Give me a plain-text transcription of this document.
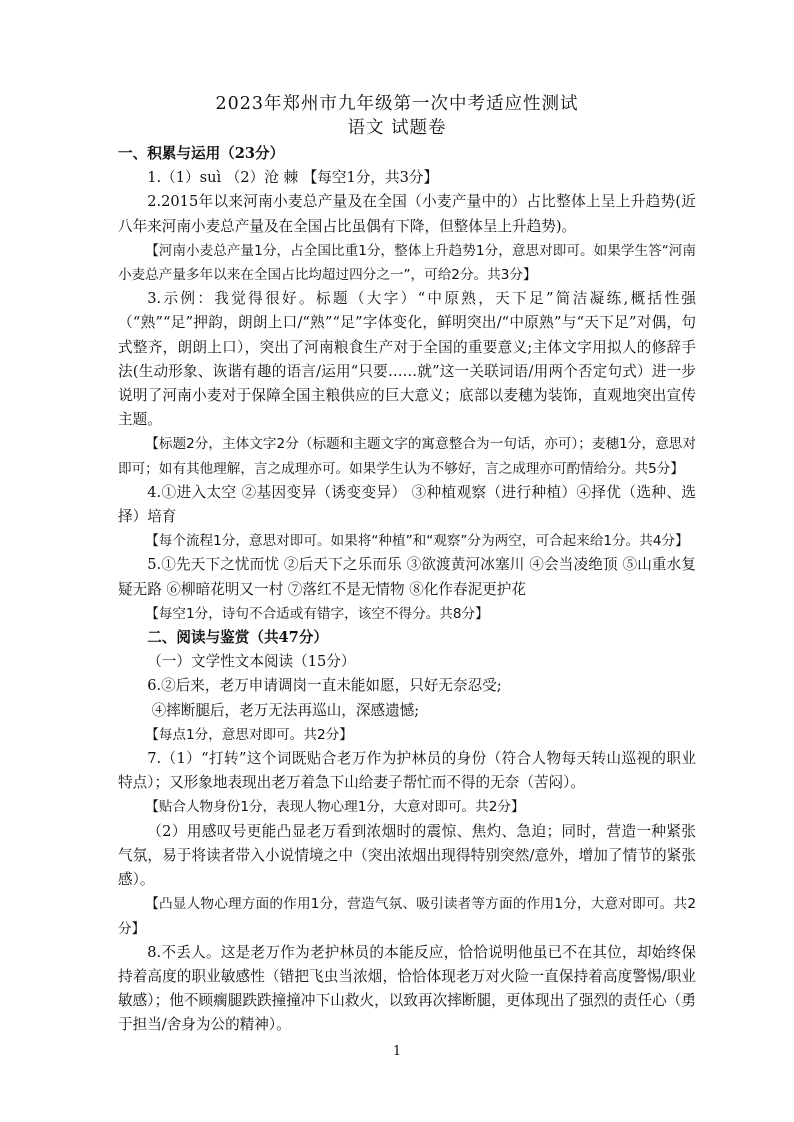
2023年郑州市九年级第一次中考适应性测试
语文 试题卷

一、积累与运用（23分）

1.（1）suì （2）沧 棘 【每空1分，共3分】

2.2015年以来河南小麦总产量及在全国（小麦产量中的）占比整体上呈上升趋势(近八年来河南小麦总产量及在全国占比虽偶有下降，但整体呈上升趋势)。

【河南小麦总产量1分，占全国比重1分，整体上升趋势1分，意思对即可。如果学生答“河南小麦总产量多年以来在全国占比均超过四分之一”，可给2分。共3分】

3.示例：我觉得很好。标题（大字）“中原熟，天下足”简洁凝练,概括性强（“熟”“足”押韵，朗朗上口/“熟”“足”字体变化，鲜明突出/“中原熟”与“天下足”对偶，句式整齐，朗朗上口），突出了河南粮食生产对于全国的重要意义;主体文字用拟人的修辞手法(生动形象、诙谐有趣的语言/运用“只要……就”这一关联词语/用两个否定句式）进一步说明了河南小麦对于保障全国主粮供应的巨大意义；底部以麦穗为装饰，直观地突出宣传主题。

【标题2分，主体文字2分（标题和主题文字的寓意整合为一句话，亦可）；麦穗1分，意思对即可；如有其他理解，言之成理亦可。如果学生认为不够好，言之成理亦可酌情给分。共5分】

4.①进入太空 ②基因变异（诱变变异） ③种植观察（进行种植）④择优（选种、选择）培育

【每个流程1分，意思对即可。如果将“种植”和“观察”分为两空，可合起来给1分。共4分】

5.①先天下之忧而忧 ②后天下之乐而乐 ③欲渡黄河冰塞川 ④会当凌绝顶 ⑤山重水复疑无路 ⑥柳暗花明又一村 ⑦落红不是无情物 ⑧化作春泥更护花

【每空1分，诗句不合适或有错字，该空不得分。共8分】

二、阅读与鉴赏（共47分）

（一）文学性文本阅读（15分）

6.②后来，老万申请调岗一直未能如愿，只好无奈忍受;

④摔断腿后，老万无法再巡山，深感遗憾;

【每点1分，意思对即可。共2分】

7.（1）“打转”这个词既贴合老万作为护林员的身份（符合人物每天转山巡视的职业特点）；又形象地表现出老万着急下山给妻子帮忙而不得的无奈（苦闷）。

【贴合人物身份1分，表现人物心理1分，大意对即可。共2分】

（2）用感叹号更能凸显老万看到浓烟时的震惊、焦灼、急迫；同时，营造一种紧张气氛，易于将读者带入小说情境之中（突出浓烟出现得特别突然/意外，增加了情节的紧张感）。

【凸显人物心理方面的作用1分，营造气氛、吸引读者等方面的作用1分，大意对即可。共2分】

8.不丢人。这是老万作为老护林员的本能反应，恰恰说明他虽已不在其位，却始终保持着高度的职业敏感性（错把飞虫当浓烟，恰恰体现老万对火险一直保持着高度警惕/职业敏感）；他不顾瘸腿跌跌撞撞冲下山救火，以致再次摔断腿，更体现出了强烈的责任心（勇于担当/舍身为公的精神）。

1
